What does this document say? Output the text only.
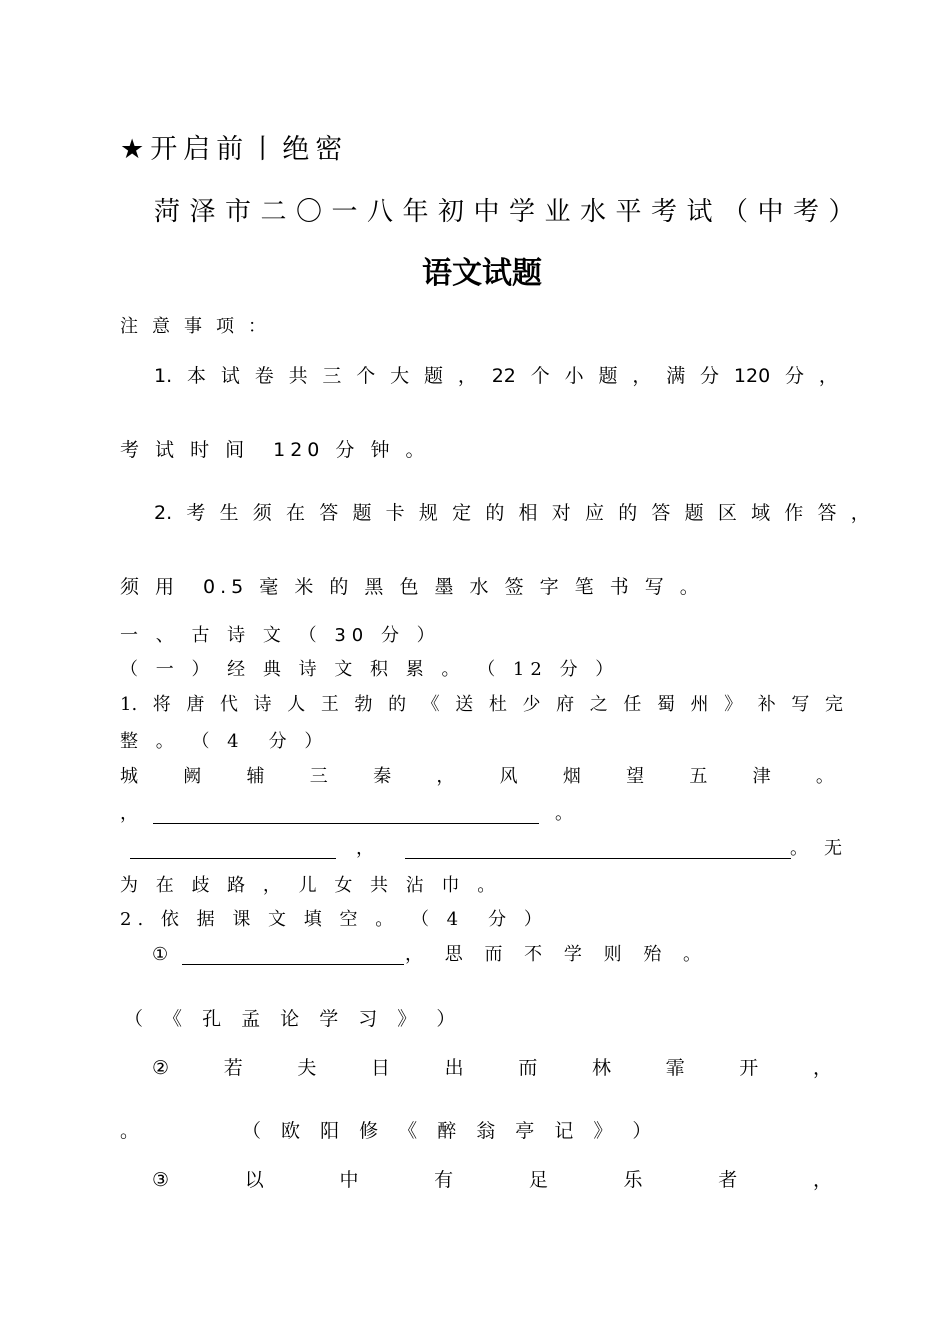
★开启前丨绝密
菏泽市二〇一八年初中学业水平考试（中考）
语文试题
注意事项：
1. 本 试 卷 共 三 个 大 题 ， 22 个 小 题 ， 满 分 120 分 ，
考 试 时 间　120 分 钟 。
2. 考 生 须 在 答 题 卡 规 定 的 相 对 应 的 答 题 区 域 作 答 ，
须 用　0.5 毫 米 的 黑 色 墨 水 签 字 笔 书 写 。
一 、 古 诗 文 （ 30 分 ）
（ 一 ） 经 典 诗 文 积 累 。 （ 12 分 ）
1. 将 唐 代 诗 人 王 勃 的 《 送 杜 少 府 之 任 蜀 州 》 补 写 完
整 。 （ 4　分 ）
城	阙	辅	三	秦	，	风	烟	望	五	津	。
，	。
，	。 无
为 在 歧 路 ， 儿 女 共 沾 巾 。
2. 依 据 课 文 填 空 。 （ 4　分 ）
①	， 思 而 不 学 则 殆 。
（ 《 孔 孟 论 学 习 》 ）
②	若	夫	日	出	而	林	霏	开	，
。	（ 欧 阳 修 《 醉 翁 亭 记 》 ）
③	以	中	有	足	乐	者	，
